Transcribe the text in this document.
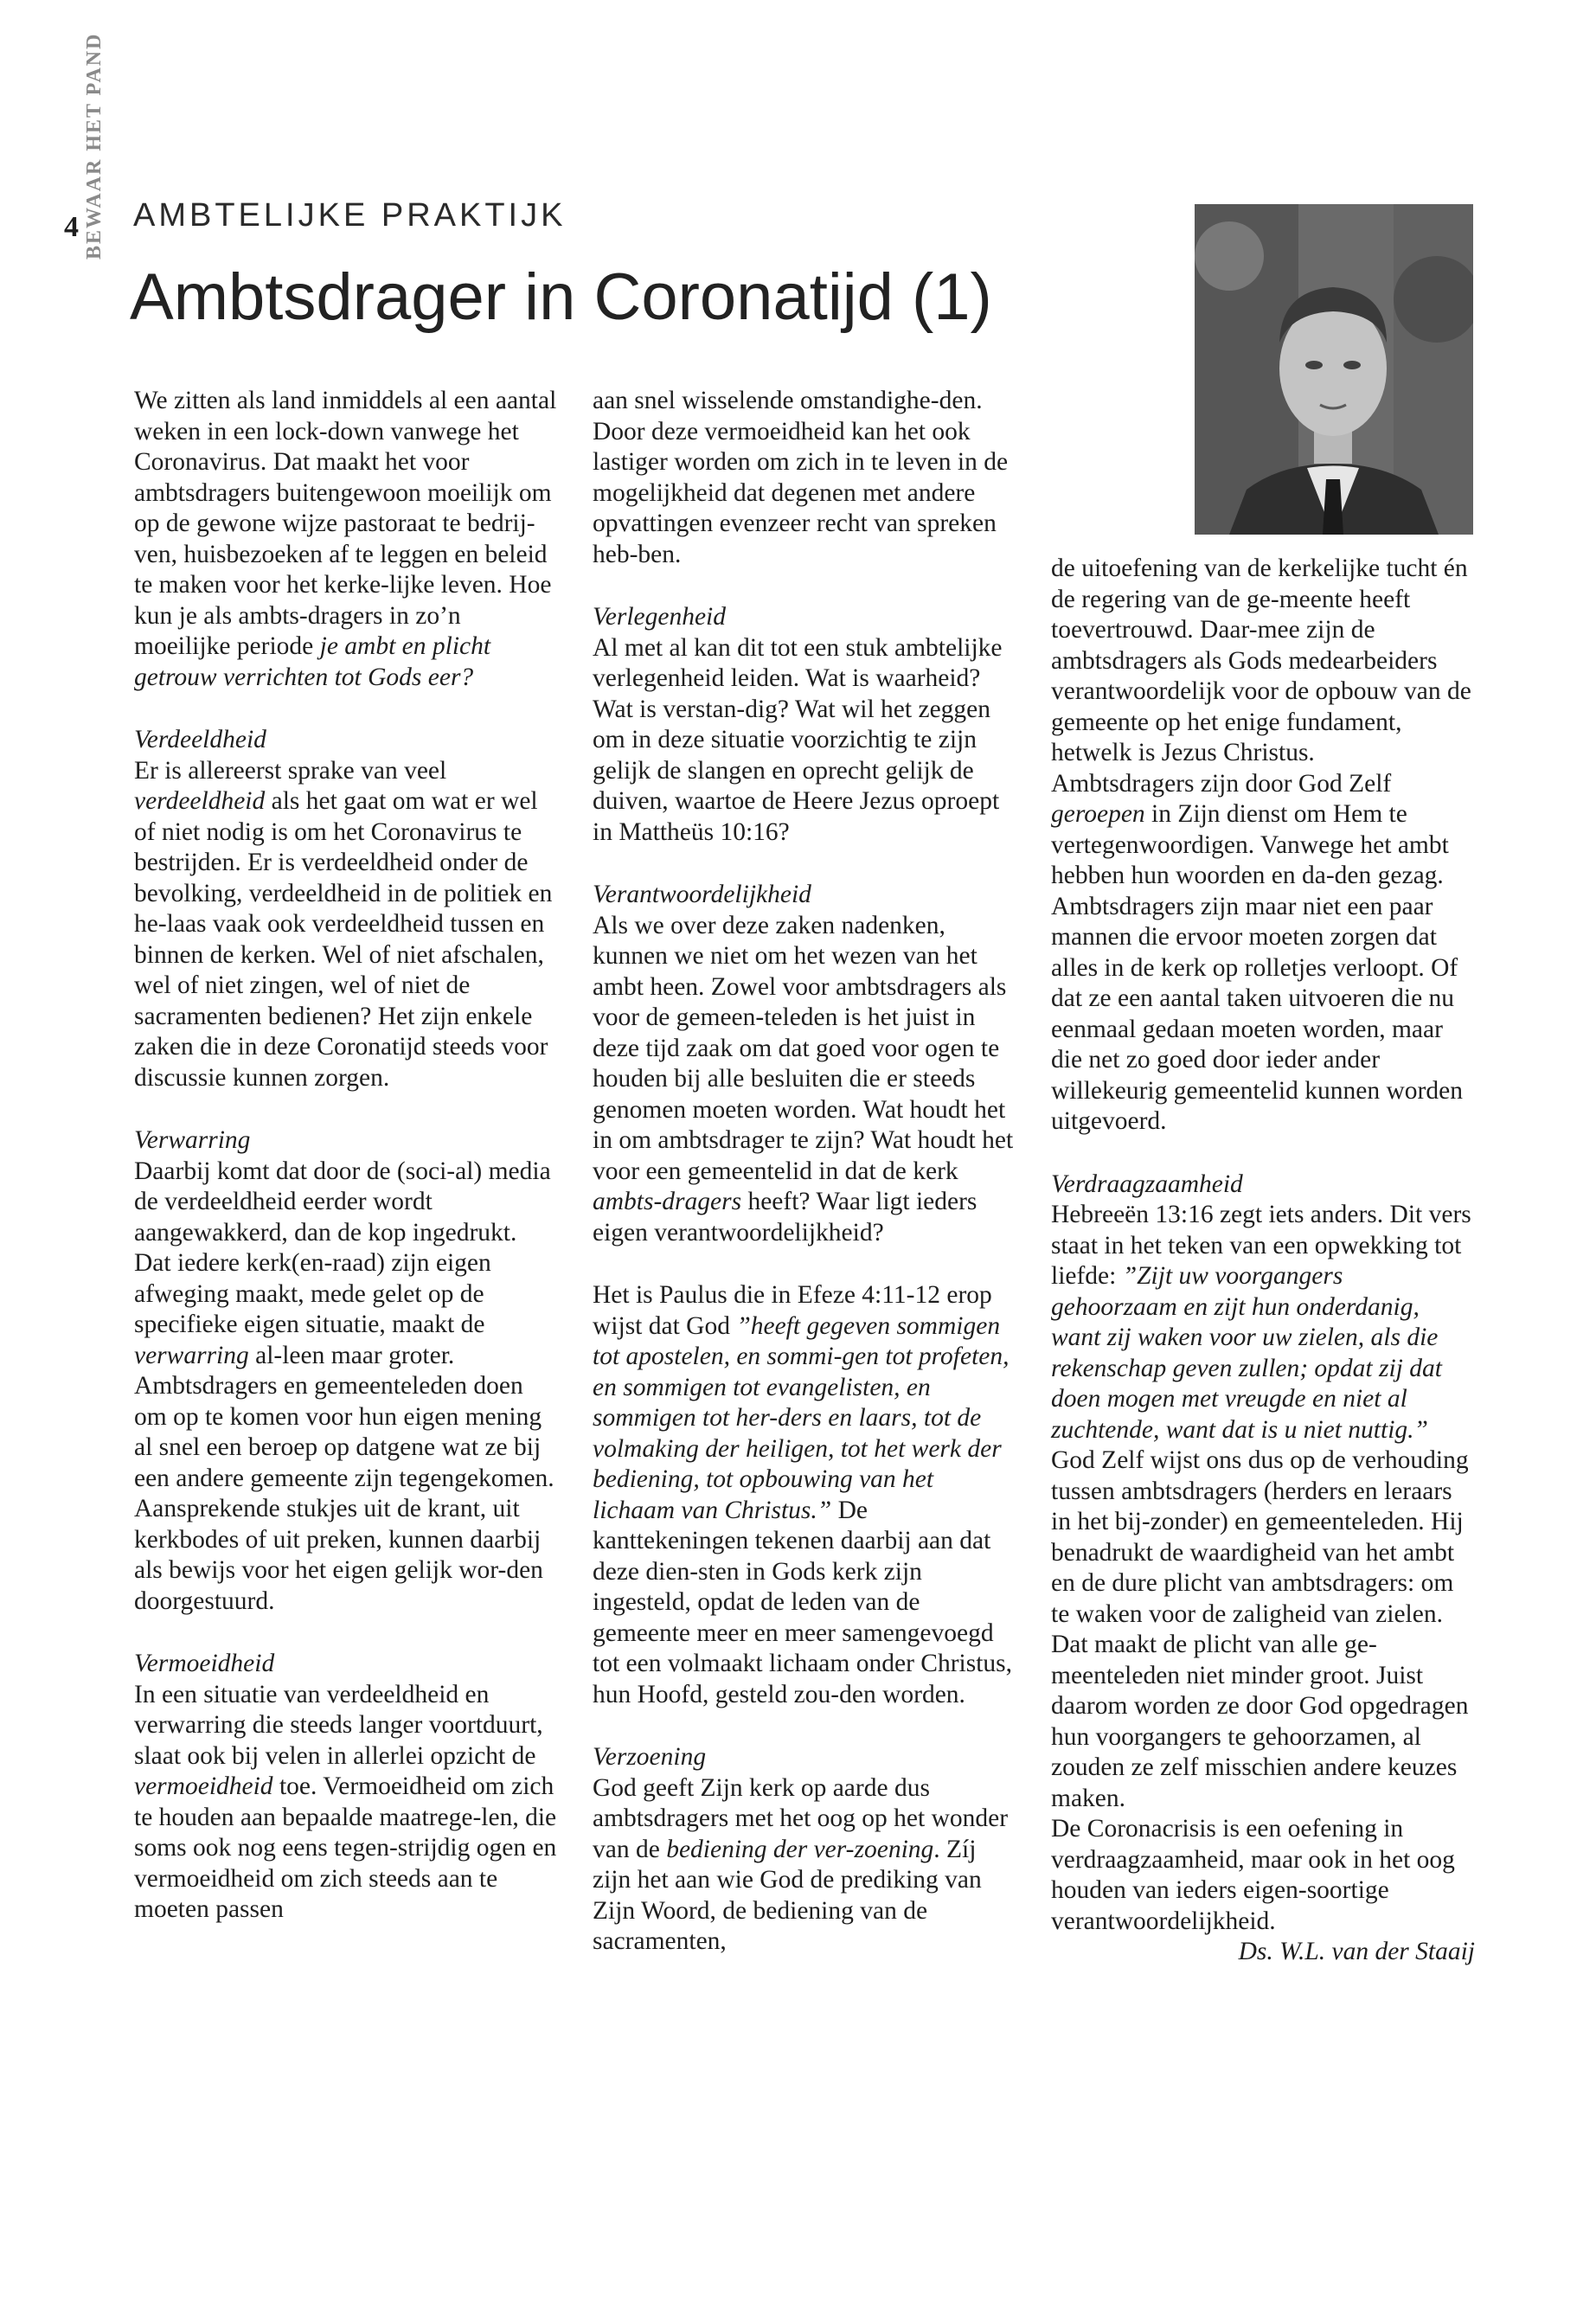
4 BEWAAR HET PAND AMBTELIJKE PRAKTIJK
Ambtsdrager in Coronatijd (1)

We zitten als land inmiddels al een aantal weken in een lock-down vanwege het Coronavirus. Dat maakt het voor ambtsdragers buitengewoon moeilijk om op de gewone wijze pastoraat te bedrij-ven, huisbezoeken af te leggen en beleid te maken voor het kerke-lijke leven. Hoe kun je als ambts-dragers in zo’n moeilijke periode je ambt en plicht getrouw verrichten tot Gods eer?

Verdeeldheid

Er is allereerst sprake van veel verdeeldheid als het gaat om wat er wel of niet nodig is om het Coronavirus te bestrijden. Er is verdeeldheid onder de bevolking, verdeeldheid in de politiek en he-laas vaak ook verdeeldheid tussen en binnen de kerken. Wel of niet afschalen, wel of niet zingen, wel of niet de sacramenten bedienen? Het zijn enkele zaken die in deze Coronatijd steeds voor discussie kunnen zorgen.

Verwarring

Daarbij komt dat door de (soci-al) media de verdeeldheid eerder wordt aangewakkerd, dan de kop ingedrukt. Dat iedere kerk(en-raad) zijn eigen afweging maakt, mede gelet op de specifieke eigen situatie, maakt de verwarring al-leen maar groter. Ambtsdragers en gemeenteleden doen om op te komen voor hun eigen mening al snel een beroep op datgene wat ze bij een andere gemeente zijn tegengekomen. Aansprekende stukjes uit de krant, uit kerkbodes of uit preken, kunnen daarbij als bewijs voor het eigen gelijk wor-den doorgestuurd.

Vermoeidheid

In een situatie van verdeeldheid en verwarring die steeds langer voortduurt, slaat ook bij velen in allerlei opzicht de vermoeidheid toe. Vermoeidheid om zich te houden aan bepaalde maatrege-len, die soms ook nog eens tegen-strijdig ogen en vermoeidheid om zich steeds aan te moeten passen

aan snel wisselende omstandighe-den. Door deze vermoeidheid kan het ook lastiger worden om zich in te leven in de mogelijkheid dat degenen met andere opvattingen evenzeer recht van spreken heb-ben.

Verlegenheid

Al met al kan dit tot een stuk ambtelijke verlegenheid leiden. Wat is waarheid? Wat is verstan-dig? Wat wil het zeggen om in deze situatie voorzichtig te zijn gelijk de slangen en oprecht gelijk de duiven, waartoe de Heere Jezus oproept in Mattheüs 10:16?

Verantwoordelijkheid

Als we over deze zaken nadenken, kunnen we niet om het wezen van het ambt heen. Zowel voor ambtsdragers als voor de gemeen-teleden is het juist in deze tijd zaak om dat goed voor ogen te houden bij alle besluiten die er steeds genomen moeten worden. Wat houdt het in om ambtsdrager te zijn? Wat houdt het voor een gemeentelid in dat de kerk ambts-dragers heeft? Waar ligt ieders eigen verantwoordelijkheid?

Het is Paulus die in Efeze 4:11-12 erop wijst dat God ”heeft gegeven sommigen tot apostelen, en sommi-gen tot profeten, en sommigen tot evangelisten, en sommigen tot her-ders en laars, tot de volmaking der heiligen, tot het werk der bediening, tot opbouwing van het lichaam van Christus.” De kanttekeningen tekenen daarbij aan dat deze dien-sten in Gods kerk zijn ingesteld, opdat de leden van de gemeente meer en meer samengevoegd tot een volmaakt lichaam onder Christus, hun Hoofd, gesteld zou-den worden.

Verzoening

God geeft Zijn kerk op aarde dus ambtsdragers met het oog op het wonder van de bediening der ver-zoening. Zíj zijn het aan wie God de prediking van Zijn Woord, de bediening van de sacramenten,

de uitoefening van de kerkelijke tucht én de regering van de ge-meente heeft toevertrouwd. Daar-mee zijn de ambtsdragers als Gods medearbeiders verantwoordelijk voor de opbouw van de gemeente op het enige fundament, hetwelk is Jezus Christus.
Ambtsdragers zijn door God Zelf geroepen in Zijn dienst om Hem te vertegenwoordigen. Vanwege het ambt hebben hun woorden en da-den gezag. Ambtsdragers zijn maar niet een paar mannen die ervoor moeten zorgen dat alles in de kerk op rolletjes verloopt. Of dat ze een aantal taken uitvoeren die nu eenmaal gedaan moeten worden, maar die net zo goed door ieder ander willekeurig gemeentelid kunnen worden uitgevoerd.

Verdraagzaamheid

Hebreeën 13:16 zegt iets anders. Dit vers staat in het teken van een opwekking tot liefde: ”Zijt uw voorgangers gehoorzaam en zijt hun onderdanig, want zij waken voor uw zielen, als die rekenschap geven zullen; opdat zij dat doen mogen met vreugde en niet al zuchtende, want dat is u niet nuttig.”

God Zelf wijst ons dus op de verhouding tussen ambtsdragers (herders en leraars in het bij-zonder) en gemeenteleden. Hij benadrukt de waardigheid van het ambt en de dure plicht van ambtsdragers: om te waken voor de zaligheid van zielen.

Dat maakt de plicht van alle ge-meenteleden niet minder groot. Juist daarom worden ze door God opgedragen hun voorgangers te gehoorzamen, al zouden ze zelf misschien andere keuzes maken.

De Coronacrisis is een oefening in verdraagzaamheid, maar ook in het oog houden van ieders eigen-soortige verantwoordelijkheid.

Ds. W.L. van der Staaij
